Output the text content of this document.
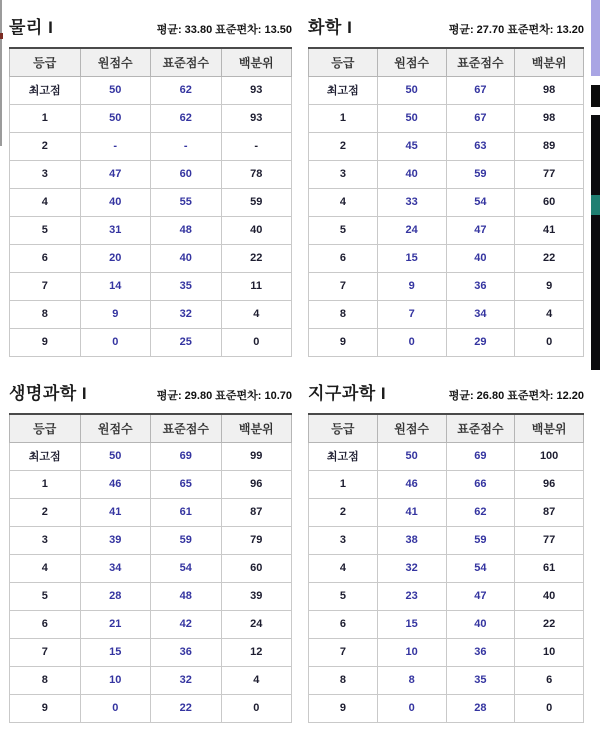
물리 I	평균: 33.80 표준편차: 13.50
등급	원점수	표준점수	백분위
최고점	50	62	93
1	50	62	93
2	-	-	-
3	47	60	78
4	40	55	59
5	31	48	40
6	20	40	22
7	14	35	11
8	9	32	4
9	0	25	0
화학 I	평균: 27.70 표준편차: 13.20
등급	원점수	표준점수	백분위
최고점	50	67	98
1	50	67	98
2	45	63	89
3	40	59	77
4	33	54	60
5	24	47	41
6	15	40	22
7	9	36	9
8	7	34	4
9	0	29	0
생명과학 I	평균: 29.80 표준편차: 10.70
등급	원점수	표준점수	백분위
최고점	50	69	99
1	46	65	96
2	41	61	87
3	39	59	79
4	34	54	60
5	28	48	39
6	21	42	24
7	15	36	12
8	10	32	4
9	0	22	0
지구과학 I	평균: 26.80 표준편차: 12.20
등급	원점수	표준점수	백분위
최고점	50	69	100
1	46	66	96
2	41	62	87
3	38	59	77
4	32	54	61
5	23	47	40
6	15	40	22
7	10	36	10
8	8	35	6
9	0	28	0
